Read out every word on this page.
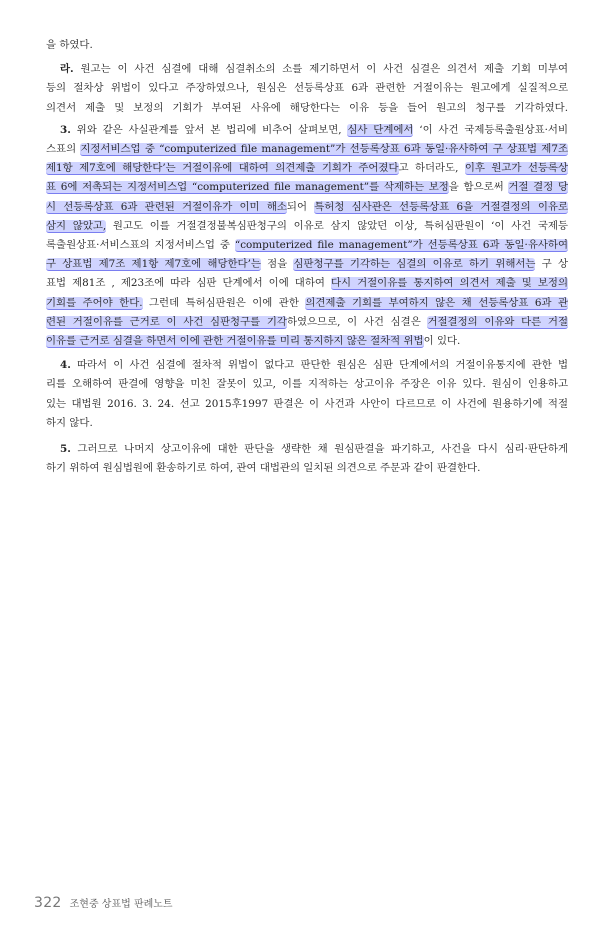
을 하였다.
라. 원고는 이 사건 심결에 대해 심결취소의 소를 제기하면서 이 사건 심결은 의견서 제출 기회 미부여
등의 절차상 위법이 있다고 주장하였으나, 원심은 선등록상표 6과 관련한 거절이유는 원고에게 실질적으로
의견서 제출 및 보정의 기회가 부여된 사유에 해당한다는 이유 등을 들어 원고의 청구를 기각하였다.
3. 위와 같은 사실관계를 앞서 본 법리에 비추어 살펴보면, 심사 단계에서 ‘이 사건 국제등록출원상표·서비
스표의 지정서비스업 중 “computerized file management”가 선등록상표 6과 동일·유사하여 구 상표법 제7조
제1항 제7호에 해당한다’는 거절이유에 대하여 의견제출 기회가 주어졌다고 하더라도, 이후 원고가 선등록상
표 6에 저촉되는 지정서비스업 “computerized file management”를 삭제하는 보정을 함으로써 거절 결정 당
시 선등록상표 6과 관련된 거절이유가 이미 해소되어 특허청 심사관은 선등록상표 6을 거절결정의 이유로
삼지 않았고, 원고도 이를 거절결정불복심판청구의 이유로 삼지 않았던 이상, 특허심판원이 ‘이 사건 국제등
록출원상표·서비스표의 지정서비스업 중 “computerized file management”가 선등록상표 6과 동일·유사하여
구 상표법 제7조 제1항 제7호에 해당한다’는 점을 심판청구를 기각하는 심결의 이유로 하기 위해서는 구 상
표법 제81조 , 제23조에 따라 심판 단계에서 이에 대하여 다시 거절이유를 통지하여 의견서 제출 및 보정의
기회를 주어야 한다. 그런데 특허심판원은 이에 관한 의견제출 기회를 부여하지 않은 채 선등록상표 6과 관
련된 거절이유를 근거로 이 사건 심판청구를 기각하였으므로, 이 사건 심결은 거절결정의 이유와 다른 거절
이유를 근거로 심결을 하면서 이에 관한 거절이유를 미리 통지하지 않은 절차적 위법이 있다.
4. 따라서 이 사건 심결에 절차적 위법이 없다고 판단한 원심은 심판 단계에서의 거절이유통지에 관한 법
리를 오해하여 판결에 영향을 미친 잘못이 있고, 이를 지적하는 상고이유 주장은 이유 있다. 원심이 인용하고
있는 대법원 2016. 3. 24. 선고 2015후1997 판결은 이 사건과 사안이 다르므로 이 사건에 원용하기에 적절
하지 않다.
5. 그러므로 나머지 상고이유에 대한 판단을 생략한 채 원심판결을 파기하고, 사건을 다시 심리·판단하게
하기 위하여 원심법원에 환송하기로 하여, 관여 대법관의 일치된 의견으로 주문과 같이 판결한다.
322 조현중 상표법 판례노트
